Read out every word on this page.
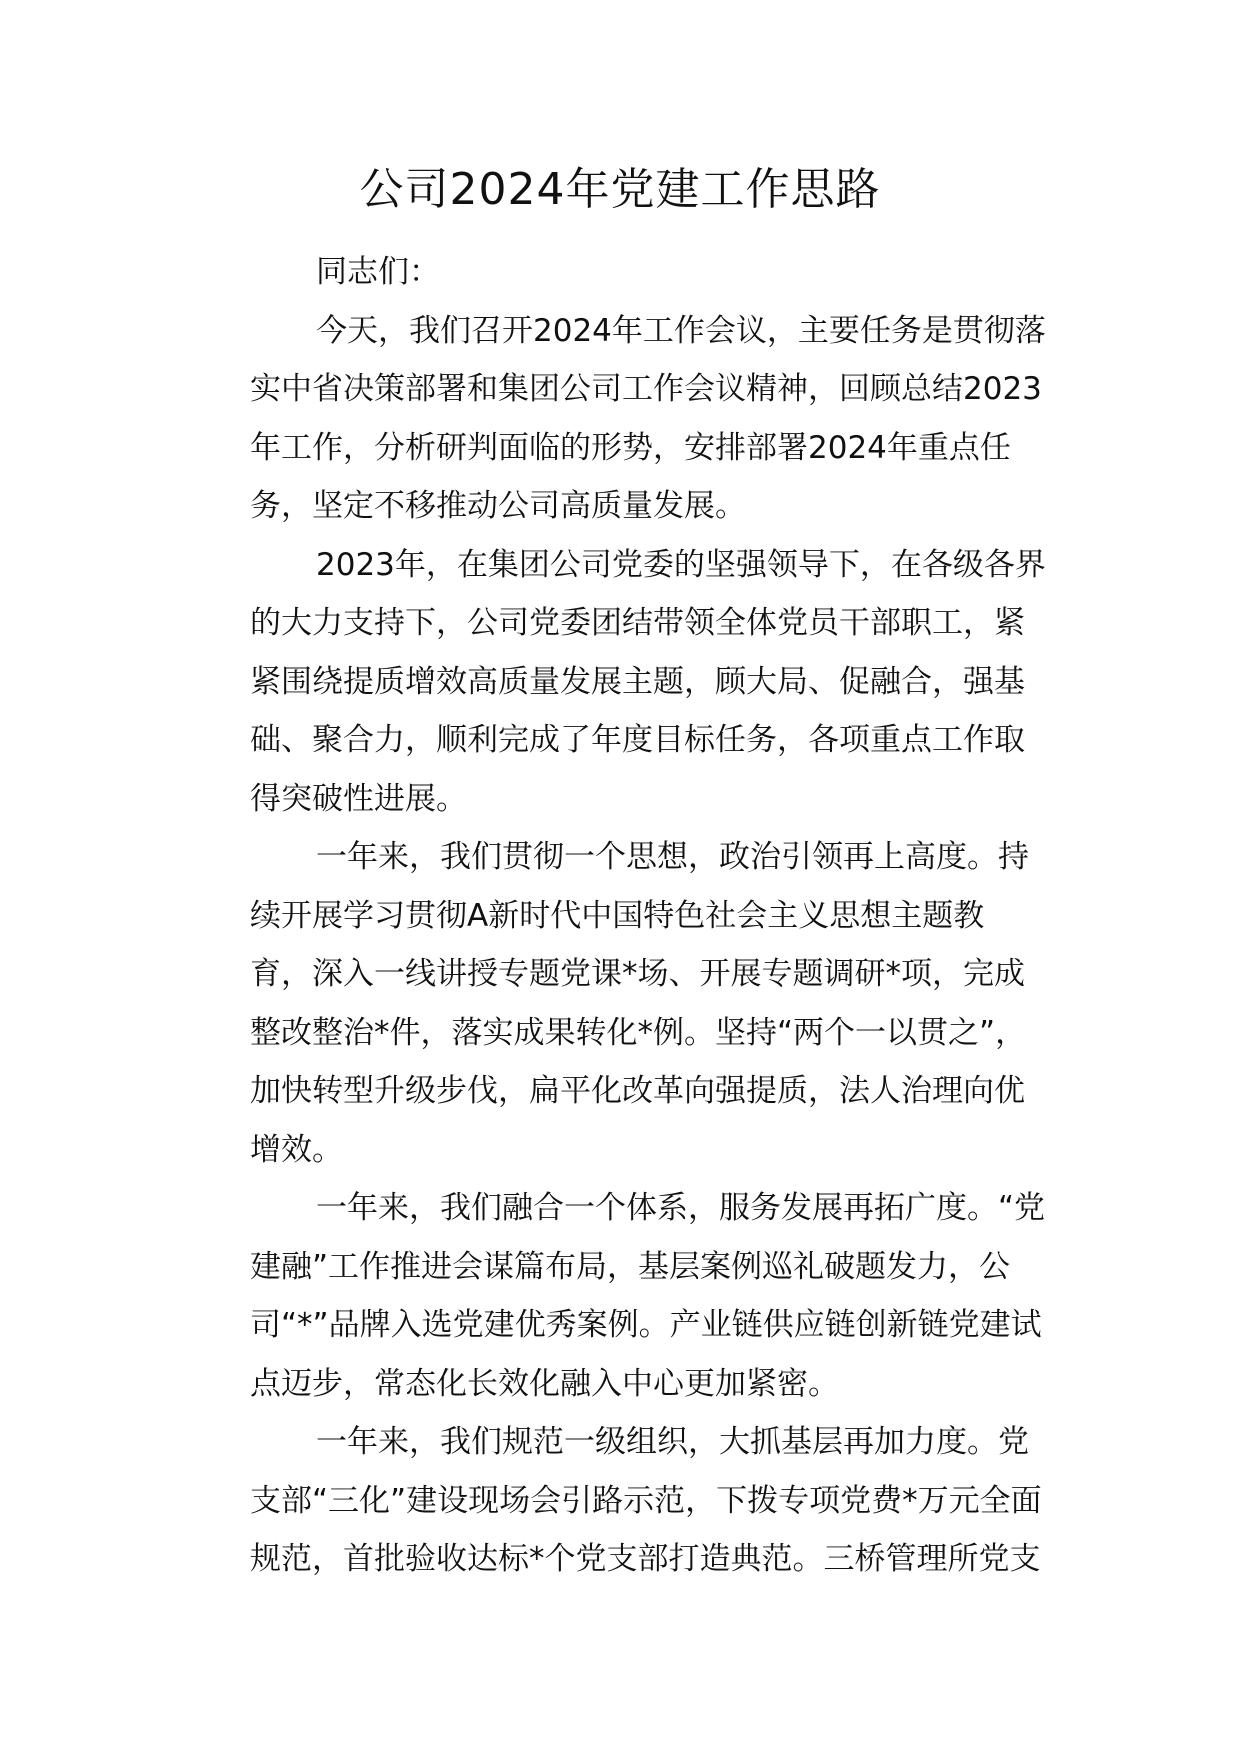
公司2024年党建工作思路
同志们：
今天，我们召开2024年工作会议，主要任务是贯彻落
实中省决策部署和集团公司工作会议精神，回顾总结2023
年工作，分析研判面临的形势，安排部署2024年重点任
务，坚定不移推动公司高质量发展。
2023年，在集团公司党委的坚强领导下，在各级各界
的大力支持下，公司党委团结带领全体党员干部职工，紧
紧围绕提质增效高质量发展主题，顾大局、促融合，强基
础、聚合力，顺利完成了年度目标任务，各项重点工作取
得突破性进展。
一年来，我们贯彻一个思想，政治引领再上高度。持
续开展学习贯彻A新时代中国特色社会主义思想主题教
育，深入一线讲授专题党课*场、开展专题调研*项，完成
整改整治*件，落实成果转化*例。坚持“两个一以贯之”，
加快转型升级步伐，扁平化改革向强提质，法人治理向优
增效。
一年来，我们融合一个体系，服务发展再拓广度。“党
建融”工作推进会谋篇布局，基层案例巡礼破题发力，公
司“*”品牌入选党建优秀案例。产业链供应链创新链党建试
点迈步，常态化长效化融入中心更加紧密。
一年来，我们规范一级组织，大抓基层再加力度。党
支部“三化”建设现场会引路示范，下拨专项党费*万元全面
规范，首批验收达标*个党支部打造典范。三桥管理所党支
